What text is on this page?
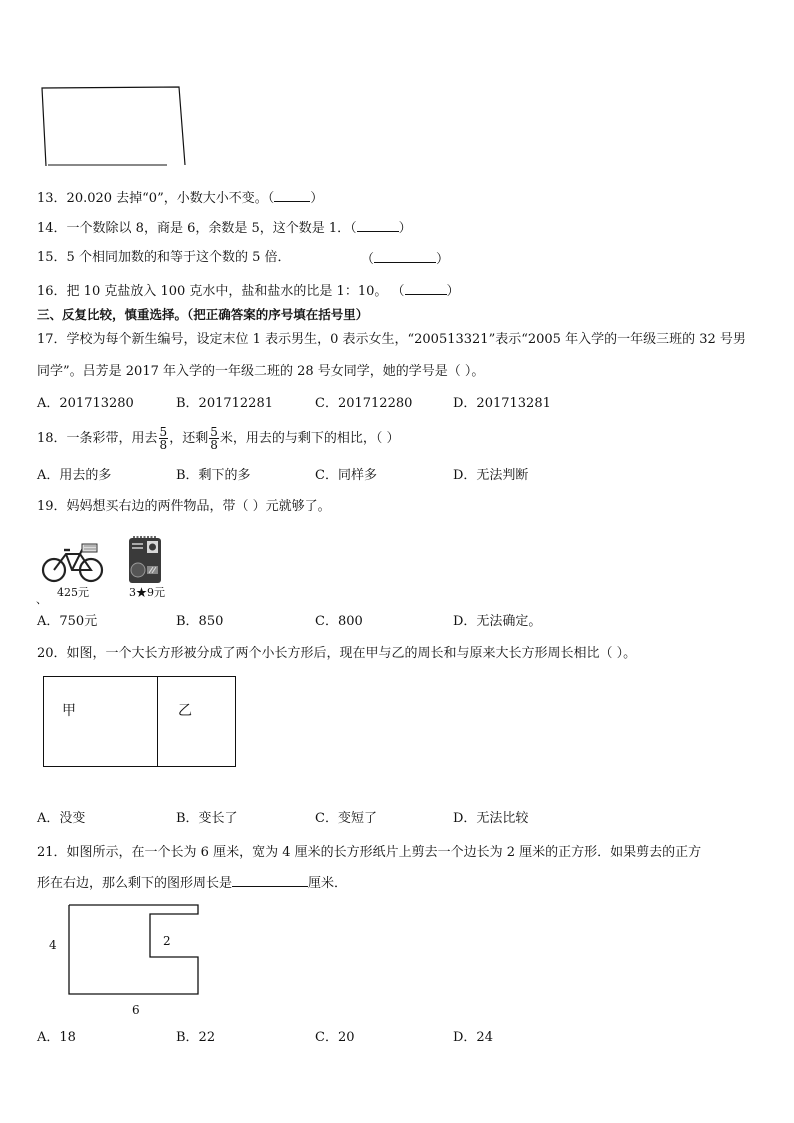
13．20.020 去掉“0”，小数大小不变。（	）
14．一个数除以 8，商是 6，余数是 5，这个数是 1．（	）
15．5 个相同加数的和等于这个数的 5 倍．	（	）
16．把 10 克盐放入 100 克水中，盐和盐水的比是 1：10。 （	）
三、反复比较，慎重选择。（把正确答案的序号填在括号里）
17．学校为每个新生编号，设定末位 1 表示男生，0 表示女生，“200513321”表示“2005 年入学的一年级三班的 32 号男
同学”。吕芳是 2017 年入学的一年级二班的 28 号女同学，她的学号是（ ）。
A．201713280	B．201712281	C．201712280	D．201713281
18．一条彩带，用去 $\frac{5}{8}$ ，还剩 $\frac{5}{8}$ 米，用去的与剩下的相比，（ ）
A．用去的多	B．剩下的多	C．同样多	D．无法判断
19．妈妈想买右边的两件物品，带（ ）元就够了。
425元
、
3★9元
A．750元	B．850	C．800	D．无法确定。
20．如图，一个大长方形被分成了两个小长方形后，现在甲与乙的周长和与原来大长方形周长相比（ ）。
甲	乙
A．没变	B．变长了	C．变短了	D．无法比较
21．如图所示，在一个长为 6 厘米，宽为 4 厘米的长方形纸片上剪去一个边长为 2 厘米的正方形．如果剪去的正方
形在右边，那么剩下的图形周长是	厘米．
4	2
6
A．18	B．22	C．20	D．24
